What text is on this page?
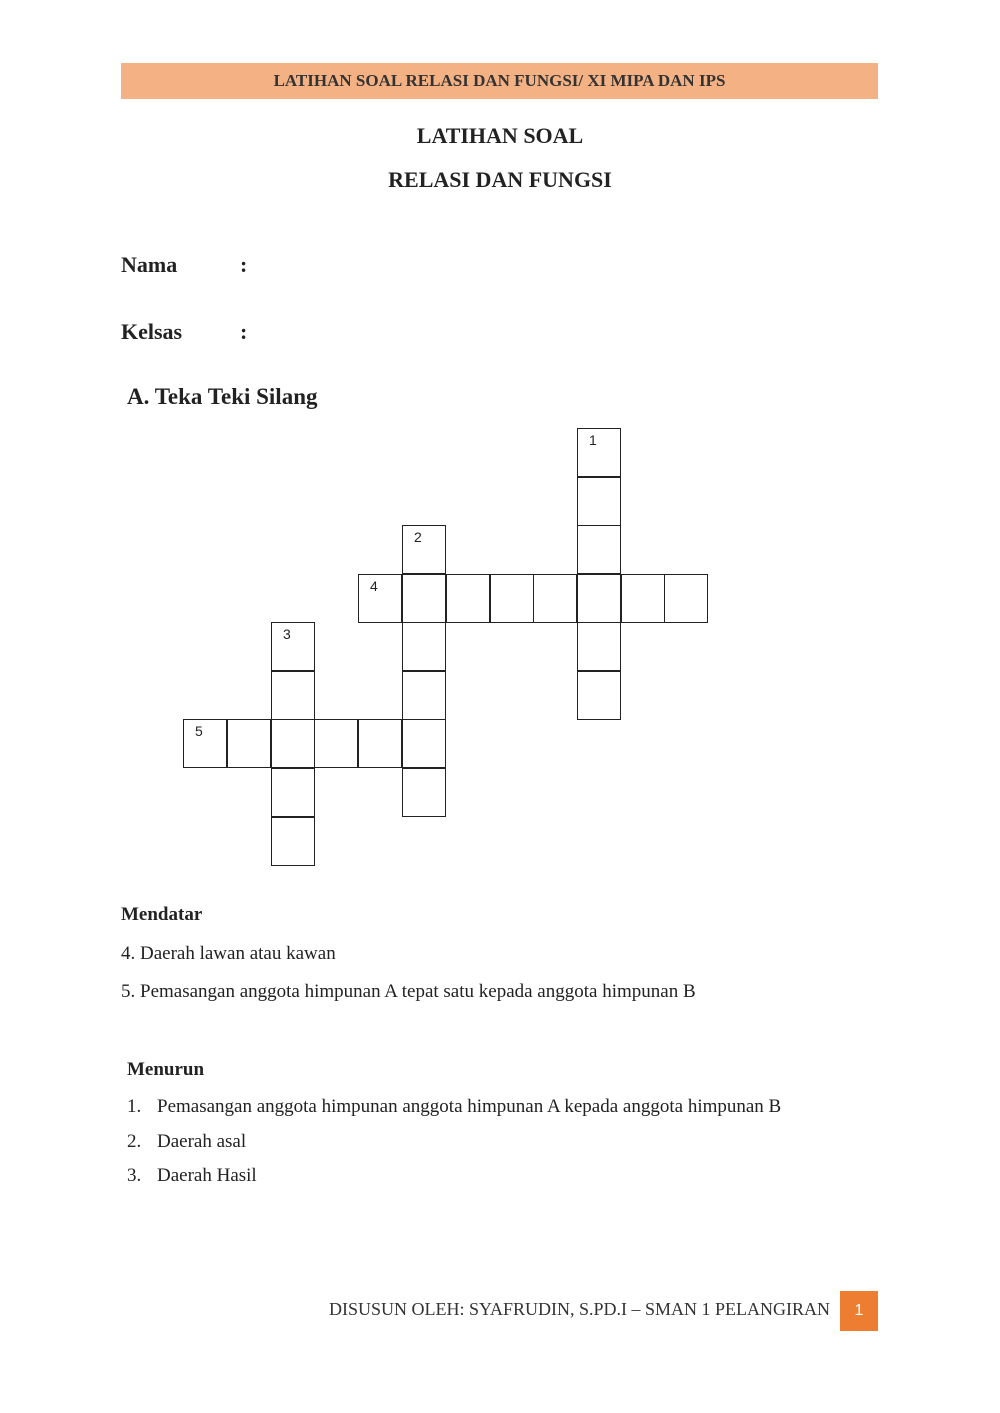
LATIHAN SOAL RELASI DAN FUNGSI/ XI MIPA DAN IPS
LATIHAN SOAL
RELASI DAN FUNGSI
Nama	:
Kelsas	:
A. Teka Teki Silang
1
2
4
3
5
Mendatar
4. Daerah lawan atau kawan
5. Pemasangan anggota himpunan A tepat satu kepada anggota himpunan B
Menurun
1. Pemasangan anggota himpunan anggota himpunan A kepada anggota himpunan B
2. Daerah asal
3. Daerah Hasil
DISUSUN OLEH: SYAFRUDIN, S.PD.I – SMAN 1 PELANGIRAN	1
